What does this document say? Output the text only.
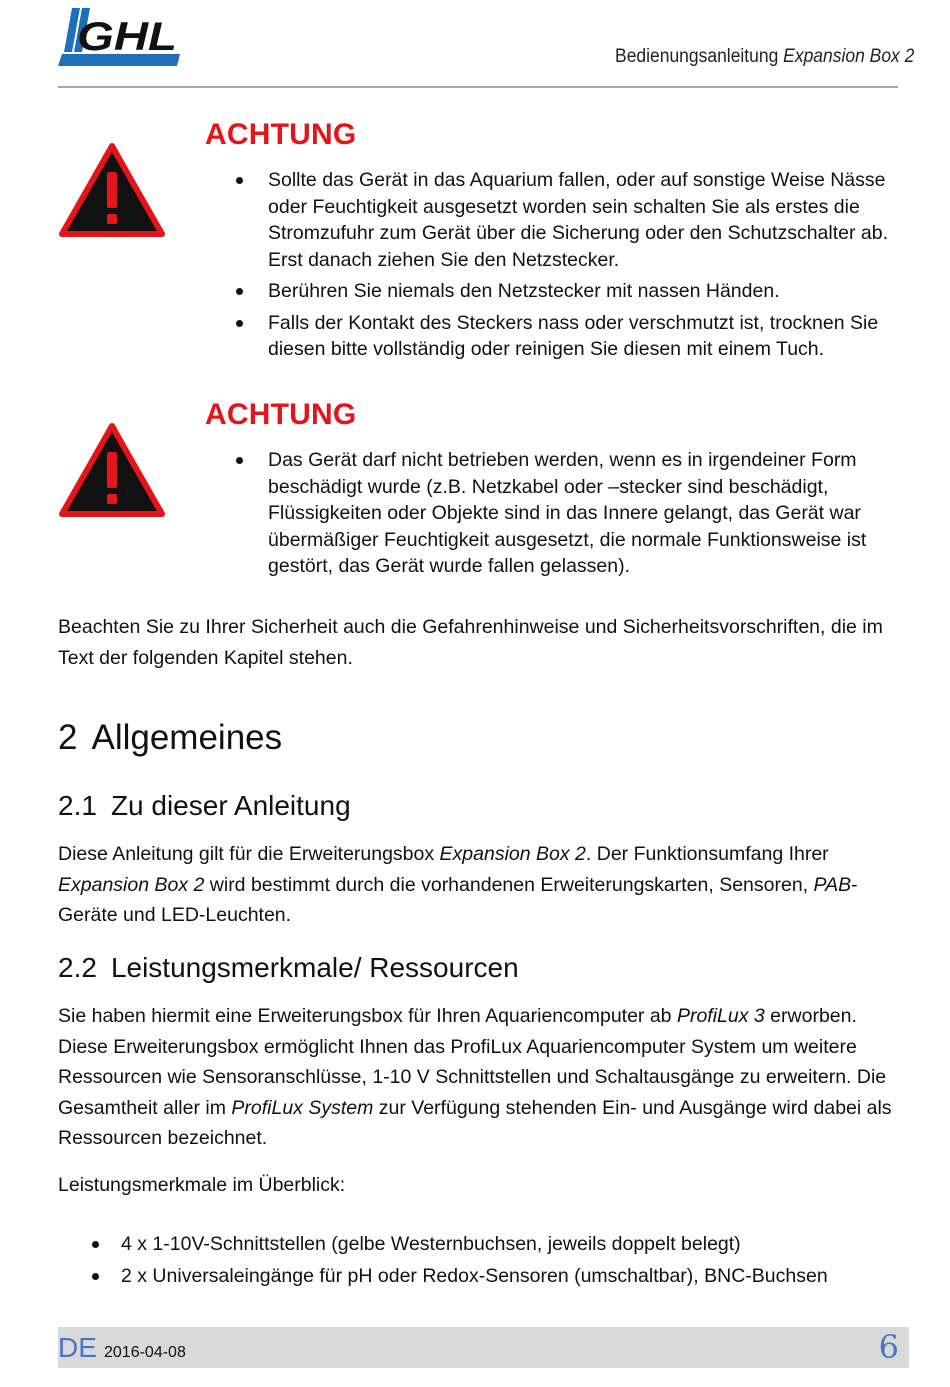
GHL	Bedienungsanleitung Expansion Box 2
ACHTUNG
Sollte das Gerät in das Aquarium fallen, oder auf sonstige Weise Nässe oder Feuchtigkeit ausgesetzt worden sein schalten Sie als erstes die Stromzufuhr zum Gerät über die Sicherung oder den Schutzschalter ab. Erst danach ziehen Sie den Netzstecker.
Berühren Sie niemals den Netzstecker mit nassen Händen.
Falls der Kontakt des Steckers nass oder verschmutzt ist, trocknen Sie diesen bitte vollständig oder reinigen Sie diesen mit einem Tuch.
ACHTUNG
Das Gerät darf nicht betrieben werden, wenn es in irgendeiner Form beschädigt wurde (z.B. Netzkabel oder –stecker sind beschädigt, Flüssigkeiten oder Objekte sind in das Innere gelangt, das Gerät war übermäßiger Feuchtigkeit ausgesetzt, die normale Funktionsweise ist gestört, das Gerät wurde fallen gelassen).

Beachten Sie zu Ihrer Sicherheit auch die Gefahrenhinweise und Sicherheitsvorschriften, die im Text der folgenden Kapitel stehen.

2 Allgemeines
2.1 Zu dieser Anleitung

Diese Anleitung gilt für die Erweiterungsbox Expansion Box 2. Der Funktionsumfang Ihrer Expansion Box 2 wird bestimmt durch die vorhandenen Erweiterungskarten, Sensoren, PAB-Geräte und LED-Leuchten.

2.2 Leistungsmerkmale/ Ressourcen

Sie haben hiermit eine Erweiterungsbox für Ihren Aquariencomputer ab ProfiLux 3 erworben. Diese Erweiterungsbox ermöglicht Ihnen das ProfiLux Aquariencomputer System um weitere Ressourcen wie Sensoranschlüsse, 1-10 V Schnittstellen und Schaltausgänge zu erweitern. Die Gesamtheit aller im ProfiLux System zur Verfügung stehenden Ein- und Ausgänge wird dabei als Ressourcen bezeichnet.

Leistungsmerkmale im Überblick:

4 x 1-10V-Schnittstellen (gelbe Westernbuchsen, jeweils doppelt belegt)
2 x Universaleingänge für pH oder Redox-Sensoren (umschaltbar), BNC-Buchsen
DE 2016-04-08	6
